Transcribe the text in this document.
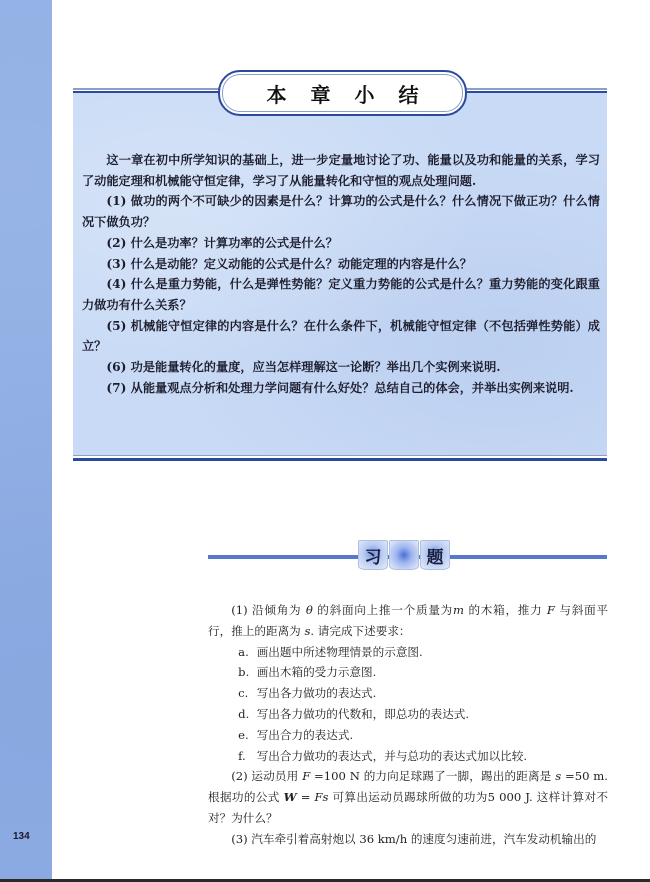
134
本章小结

这一章在初中所学知识的基础上，进一步定量地讨论了功、能量以及功和能量的关系，学习了动能定理和机械能守恒定律，学习了从能量转化和守恒的观点处理问题.

(1) 做功的两个不可缺少的因素是什么？计算功的公式是什么？什么情况下做正功？什么情况下做负功？

(2) 什么是功率？计算功率的公式是什么？

(3) 什么是动能？定义动能的公式是什么？动能定理的内容是什么？

(4) 什么是重力势能，什么是弹性势能？定义重力势能的公式是什么？重力势能的变化跟重力做功有什么关系？

(5) 机械能守恒定律的内容是什么？在什么条件下，机械能守恒定律（不包括弹性势能）成立？

(6) 功是能量转化的量度，应当怎样理解这一论断？举出几个实例来说明.

(7) 从能量观点分析和处理力学问题有什么好处？总结自己的体会，并举出实例来说明.

习	题

(1) 沿倾角为 θ 的斜面向上推一个质量为m 的木箱，推力 F 与斜面平行，推上的距离为 s. 请完成下述要求：

a. 画出题中所述物理情景的示意图.

b. 画出木箱的受力示意图.

c. 写出各力做功的表达式.

d. 写出各力做功的代数和，即总功的表达式.

e. 写出合力的表达式.

f. 写出合力做功的表达式，并与总功的表达式加以比较.

(2) 运动员用 F =100 N 的力向足球踢了一脚，踢出的距离是 s =50 m. 根据功的公式 W = Fs 可算出运动员踢球所做的功为5 000 J. 这样计算对不对？为什么？

(3) 汽车牵引着高射炮以 36 km/h 的速度匀速前进，汽车发动机输出的
